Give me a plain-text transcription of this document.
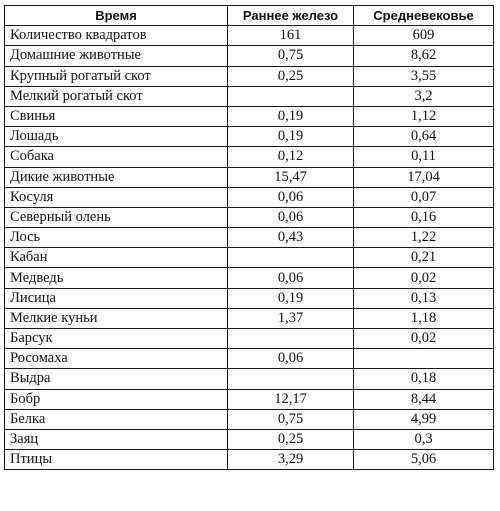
Время	Раннее железо	Средневековье
Количество квадратов	161	609
Домашние животные	0,75	8,62
Крупный рогатый скот	0,25	3,55
Мелкий рогатый скот		3,2
Свинья	0,19	1,12
Лошадь	0,19	0,64
Собака	0,12	0,11
Дикие животные	15,47	17,04
Косуля	0,06	0,07
Северный олень	0,06	0,16
Лось	0,43	1,22
Кабан		0,21
Медведь	0,06	0,02
Лисица	0,19	0,13
Мелкие куньи	1,37	1,18
Барсук		0,02
Росомаха	0,06	
Выдра		0,18
Бобр	12,17	8,44
Белка	0,75	4,99
Заяц	0,25	0,3
Птицы	3,29	5,06
